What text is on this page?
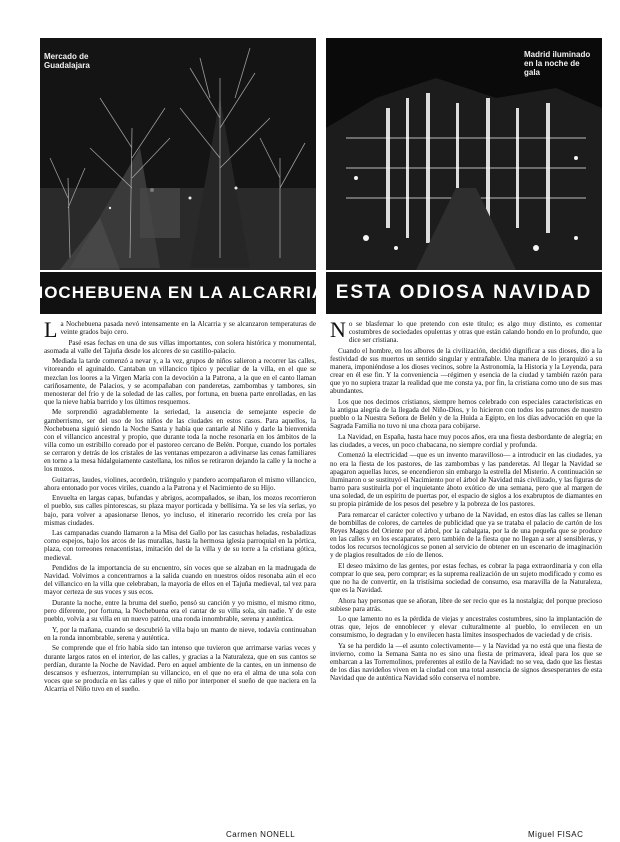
Mercado de Guadalajara
Madrid iluminado en la noche de gala
NOCHEBUENA EN LA ALCARRIA ESTA ODIOSA NAVIDAD

La Nochebuena pasada nevó intensamente en la Alcarria y se alcanzaron temperaturas de veinte grados bajo cero.

Pasé esas fechas en una de sus villas importantes, con solera histórica y monumental, asomada al valle del Tajuña desde los alcores de su castillo-palacio.

Mediada la tarde comenzó a nevar y, a la vez, grupos de niños salieron a recorrer las calles, vitoreando el aguinaldo. Cantaban un villancico típico y peculiar de la villa, en el que se mezclan los loores a la Virgen María con la devoción a la Patrona, a la que en el canto llaman cariñosamente, de Palacios, y se acompañaban con panderetas, zambombas y tambores, sin menosterar del frío y de la soledad de las calles, por fortuna, en buena parte enrolladas, en las que la nieve había barrido y los últimos resquemos.

Me sorprendió agradablemente la seriedad, la ausencia de semejante especie de gamberrismo, ser del uso de los niños de las ciudades en estos casos. Para aquellos, la Nochebuena siguió siendo la Noche Santa y había que cantarle al Niño y darle la bienvenida con el villancico ancestral y propio, que durante toda la noche resonaría en los ámbitos de la villa como un estribillo coreado por el pastoreo cercano de Belén. Porque, cuando los portales se cerraron y detrás de los cristales de las ventanas empezaron a adivinarse las cenas familiares en torno a la mesa hidalguiamente castellana, los niños se retiraron dejando la calle y la noche a los mozos.

Guitarras, laudes, violines, acordeón, triángulo y pandero acompañaron el mismo villancico, ahora entonado por voces viriles, cuando a la Patrona y el Nacimiento de su Hijo.

Envuelta en largas capas, bufandas y abrigos, acompañados, se iban, los mozos recorrieron el pueblo, sus calles pintorescas, su plaza mayor porticada y bellísima. Ya se les vía serlas, yo bajo, para volver a apasionarse llenos, yo incluso, el itinerario recorrido les creía por las mismas ciudades.

Las campanadas cuando llamaron a la Misa del Gallo por las casuchas heladas, resbaladizas como espejos, bajo los arcos de las murallas, hasta la hermosa iglesia parroquial en la pórtica, plaza, con torreones renacentistas, imitación del de la villa y de su torre a la cristiana gótica, medieval.

Pendidos de la importancia de su encuentro, sin voces que se alzaban en la madrugada de Navidad. Volvimos a concentrarnos a la salida cuando en nuestros oídos resonaba aún el eco del villancico en la villa que celebraban, la mayoría de ellos en el Tajuña medieval, tal vez para mayor certeza de sus voces y sus ecos.

Durante la noche, entre la bruma del sueño, pensó su canción y yo mismo, el mismo ritmo, pero diferente, por fortuna, la Nochebuena era el cantar de su villa sola, sin nadie. Y de este pueblo, volvía a su villa en un nuevo patrón, una ronda innombrable, serena y auténtica.

Y, por la mañana, cuando se descubrió la villa bajo un manto de nieve, todavía continuaban en la ronda innombrable, serena y auténtica.

Se comprende que el frío había sido tan intenso que tuvieron que arrimarse varias veces y durante largos ratos en el interior, de las calles, y gracias a la Naturaleza, que en sus cantos se perdían, durante la Noche de Navidad. Pero en aquel ambiente de la cantes, en un inmenso de descansos y esfuerzos, interrumpían su villancico, en el que no era el alma de una sola con voces que se producía en las calles y que el niño por interponer el sueño de que naciera en la Alcarria el Niño tuvo en el sueño.

No se blasfemar lo que pretendo con este título; es algo muy distinto, es comentar costumbres de sociedades opulentas y otras que están calando hondo en lo profundo, que dice ser cristiana.

Cuando el hombre, en los albores de la civilización, decidió dignificar a sus dioses, dio a la festividad de sus muertos un sentido singular y entrañable. Una manera de lo jerarquizó a su manera, imponiéndose a los dioses vecinos, sobre la Astronomía, la Historia y la Leyenda, para crear en él ese fin. Y la conveniencia —régimen y esencia de la ciudad y también razón para que yo no supiera trazar la realidad que me consta ya, por fin, la cristiana como uno de sus mas abundantes.

Los que nos decimos cristianos, siempre hemos celebrado con especiales características en la antigua alegría de la llegada del Niño-Dios, y lo hicieron con todos los patrones de nuestro pueblo o la Nuestra Señora de Belén y de la Huida a Egipto, en los días advocación en que la Sagrada Familia no tuvo ni una choza para cobijarse.

La Navidad, en España, hasta hace muy pocos años, era una fiesta desbordante de alegría; en las ciudades, a veces, un poco chabacana, no siempre cordial y profunda.

Comenzó la electricidad —que es un invento maravilloso— a introducir en las ciudades, ya no era la fiesta de los pastores, de las zambombas y las panderetas. Al llegar la Navidad se apagaron aquellas luces, se encendieron sin embargo la estrella del Misterio. A continuación se iluminaron o se sustituyó el Nacimiento por el árbol de Navidad más civilizado, y las figuras de barro para sustituirla por el inquietante áboto exótico de una semana, pero que al margen de una soledad, de un espíritu de puertas por, el espacio de siglos a los exabruptos de diamantes en su propia pirámide de los pesos del pesebre y la pobreza de los pastores.

Para remarcar el carácter colectivo y urbano de la Navidad, en estos días las calles se llenan de bombillas de colores, de carteles de publicidad que ya se trataba el palacio de cartón de los Reyes Magos del Oriente por el árbol, por la cabalgata, por la de una pequeña que se produce en las calles y en los escaparates, pero también de la fiesta que no llegan a ser al sensibleras, y todos los recursos tecnológicos se ponen al servicio de obtener en un escenario de imaginación y de plagios resultados de ±ío de llenos.

El deseo máximo de las gentes, por estas fechas, es cobrar la paga extraordinaria y con ella comprar lo que sea, pero comprar; es la suprema realización de un sujeto modificado y como es que no ha de convertir, en la tristísima sociedad de consumo, esa maravilla de la Naturaleza, que es la Navidad.

Ahora hay personas que se añoran, libre de ser recio que es la nostalgia; del porque precioso subiese para atrás.

Lo que lamento no es la pérdida de viejas y ancestrales costumbres, sino la implantación de otras que, lejos de ennoblecer y elevar culturalmente al pueblo, lo envilecen en un consumismo, lo degradan y lo envilecen hasta límites insospechados de vaciedad y de crisis.

Ya se ha perdido la —el asunto colectivamente— y la Navidad ya no está que una fiesta de invierno, como la Semana Santa no es sino una fiesta de primavera, ideal para los que se embarcan a las Torremolinos, preferentes al estilo de la Navidad: no se vea, dado que las fiestas de los días navideños viven en la ciudad con una total ausencia de signos desesperantes de esta Navidad que de auténtica Navidad sólo conserva el nombre.

Carmen NONELL	Miguel FISAC
